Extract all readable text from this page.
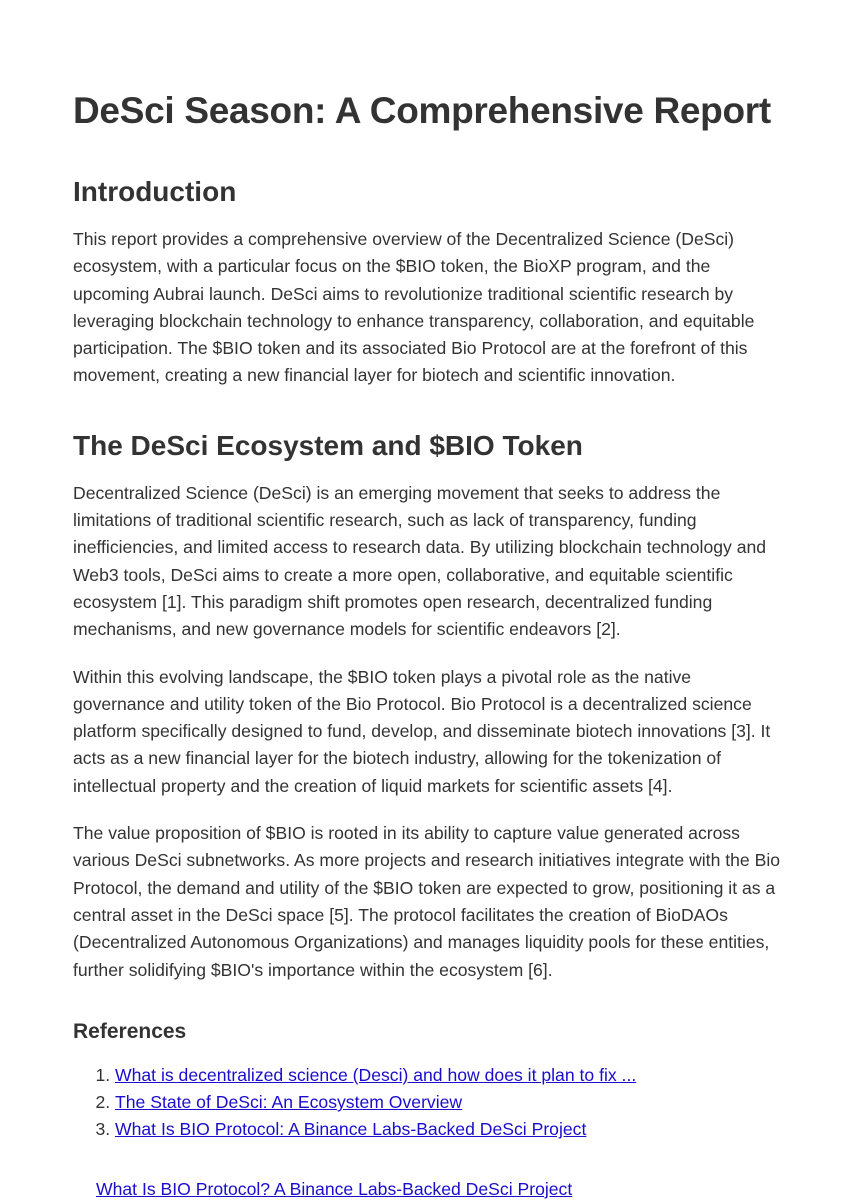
DeSci Season: A Comprehensive Report
Introduction

This report provides a comprehensive overview of the Decentralized Science (DeSci) ecosystem, with a particular focus on the $BIO token, the BioXP program, and the upcoming Aubrai launch. DeSci aims to revolutionize traditional scientific research by leveraging blockchain technology to enhance transparency, collaboration, and equitable participation. The $BIO token and its associated Bio Protocol are at the forefront of this movement, creating a new financial layer for biotech and scientific innovation.

The DeSci Ecosystem and $BIO Token

Decentralized Science (DeSci) is an emerging movement that seeks to address the limitations of traditional scientific research, such as lack of transparency, funding inefficiencies, and limited access to research data. By utilizing blockchain technology and Web3 tools, DeSci aims to create a more open, collaborative, and equitable scientific ecosystem [1]. This paradigm shift promotes open research, decentralized funding mechanisms, and new governance models for scientific endeavors [2].

Within this evolving landscape, the $BIO token plays a pivotal role as the native governance and utility token of the Bio Protocol. Bio Protocol is a decentralized science platform specifically designed to fund, develop, and disseminate biotech innovations [3]. It acts as a new financial layer for the biotech industry, allowing for the tokenization of intellectual property and the creation of liquid markets for scientific assets [4].

The value proposition of $BIO is rooted in its ability to capture value generated across various DeSci subnetworks. As more projects and research initiatives integrate with the Bio Protocol, the demand and utility of the $BIO token are expected to grow, positioning it as a central asset in the DeSci space [5]. The protocol facilitates the creation of BioDAOs (Decentralized Autonomous Organizations) and manages liquidity pools for these entities, further solidifying $BIO's importance within the ecosystem [6].

References
1. What is decentralized science (Desci) and how does it plan to fix ...
2. The State of DeSci: An Ecosystem Overview
3. What Is BIO Protocol: A Binance Labs-Backed DeSci Project
What Is BIO Protocol? A Binance Labs-Backed DeSci Project
